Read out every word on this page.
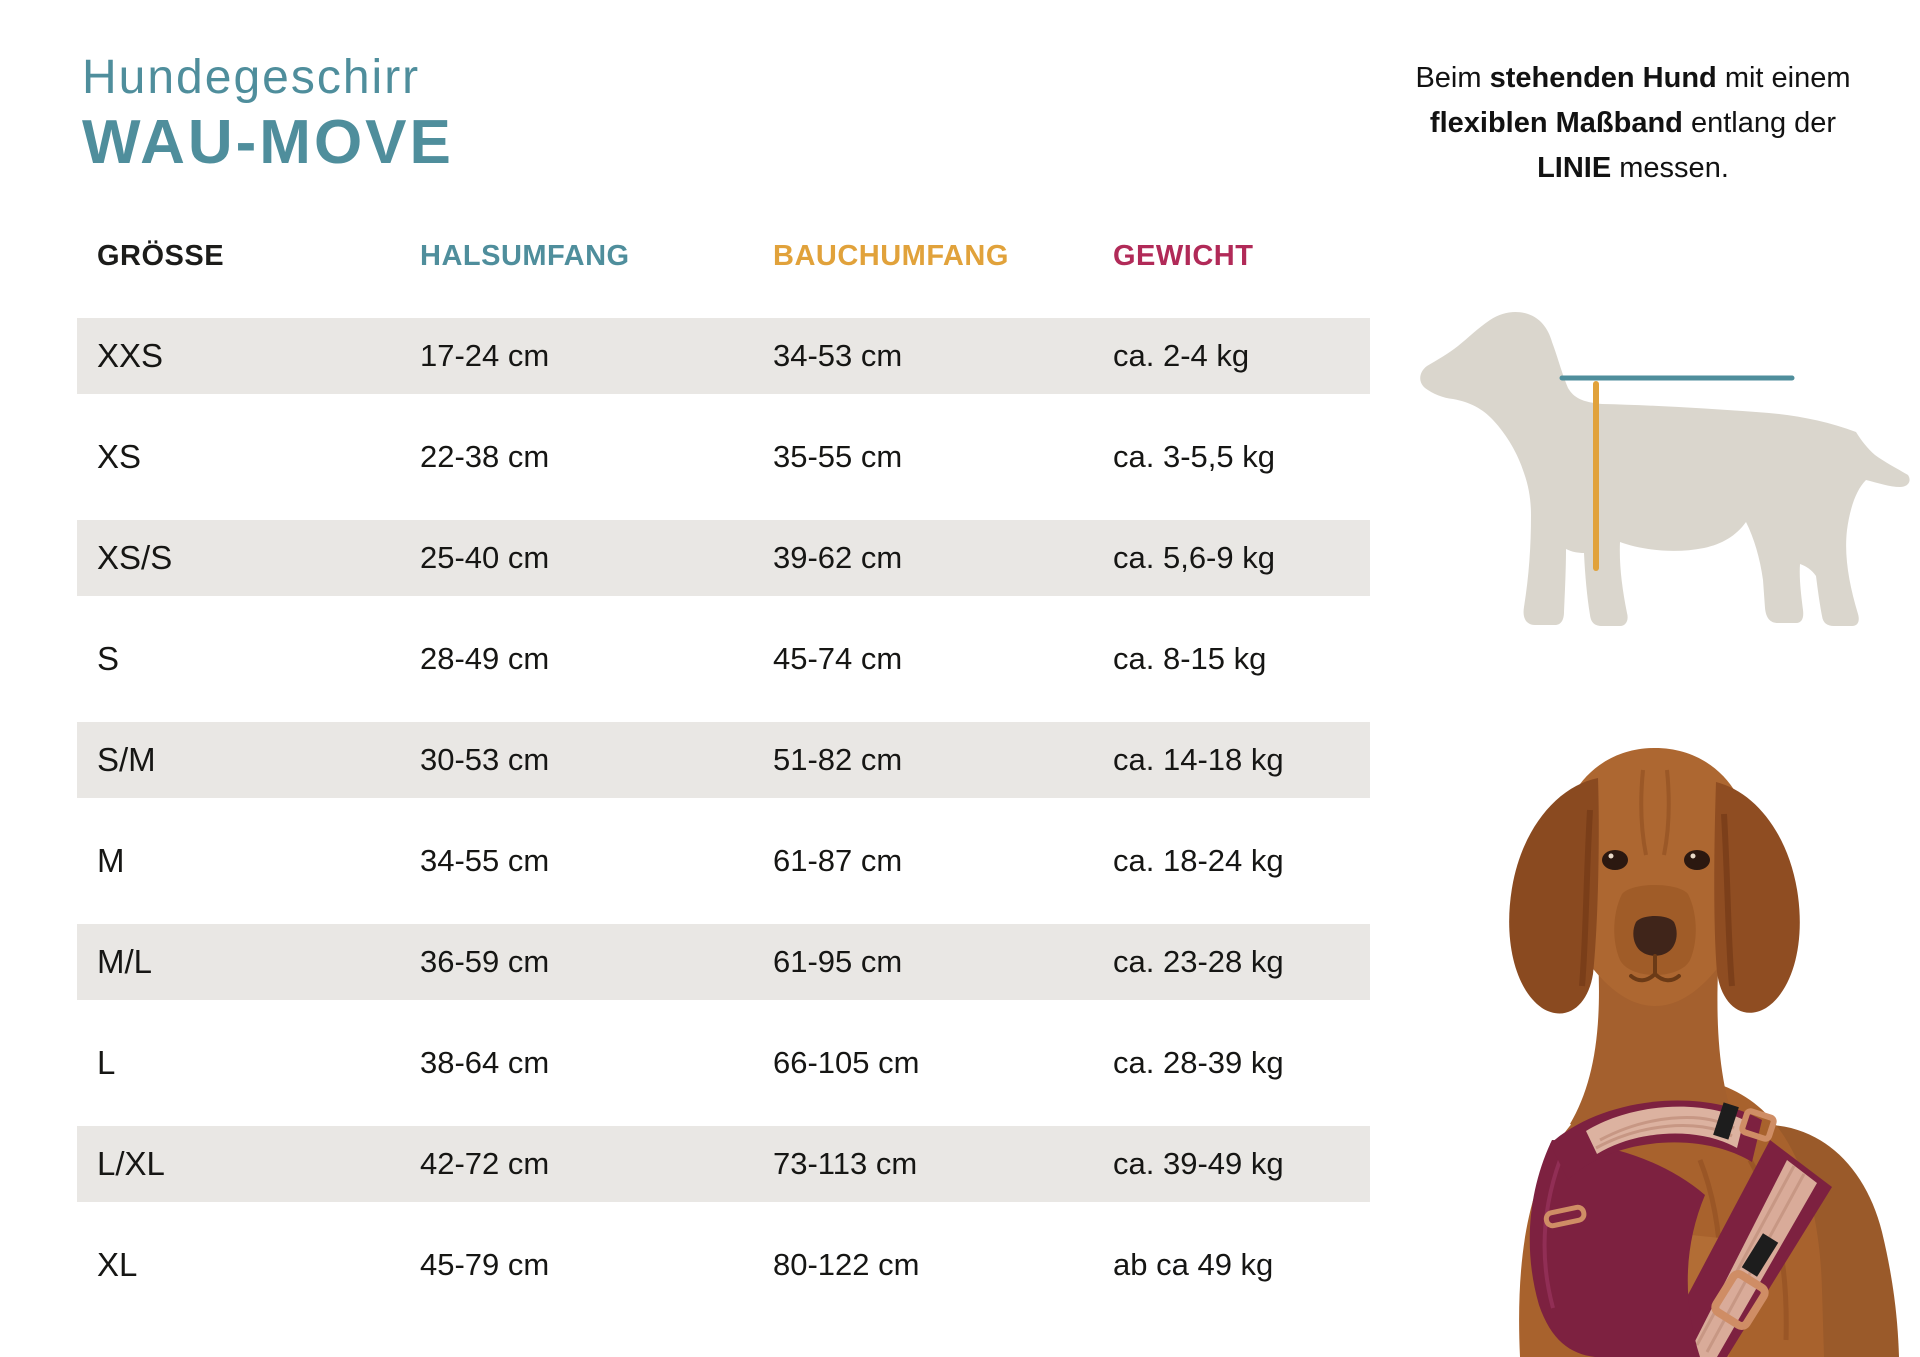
Hundegeschirr
WAU-MOVE
GRÖSSE	HALSUMFANG	BAUCHUMFANG	GEWICHT
XXS	17-24 cm	34-53 cm	ca. 2-4 kg
XS	22-38 cm	35-55 cm	ca. 3-5,5 kg
XS/S	25-40 cm	39-62 cm	ca. 5,6-9 kg
S	28-49 cm	45-74 cm	ca. 8-15 kg
S/M	30-53 cm	51-82 cm	ca. 14-18 kg
M	34-55 cm	61-87 cm	ca. 18-24 kg
M/L	36-59 cm	61-95 cm	ca. 23-28 kg
L	38-64 cm	66-105 cm	ca. 28-39 kg
L/XL	42-72 cm	73-113 cm	ca. 39-49 kg
XL	45-79 cm	80-122 cm	ab ca 49 kg

Beim stehenden Hund mit einem flexiblen Maßband entlang der LINIE messen.
